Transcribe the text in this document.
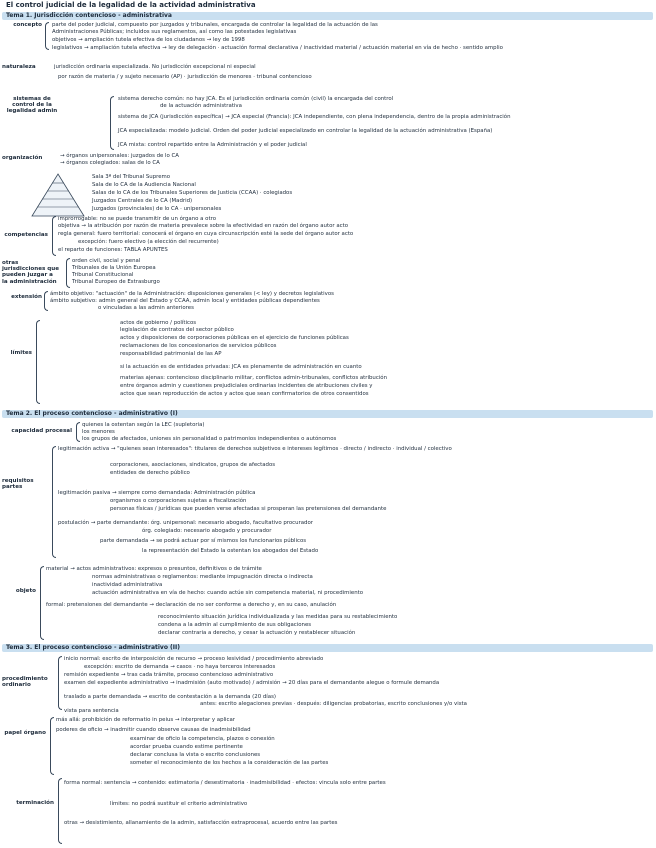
El control judicial de la legalidad de la actividad administrativa
Tema 1. Jurisdicción contencioso - administrativa
concepto parte del poder judicial, compuesto por juzgados y tribunales, encargada de controlar la legalidad de la actuación de las
Administraciones Públicas; incluidos sus reglamentos, así como las potestades legislativas
objetivos → ampliación tutela efectiva de los ciudadanos → ley de 1998
legislativos → ampliación tutela efectiva → ley de delegación · actuación formal declarativa / inactividad material / actuación material en vía de hecho · sentido amplio
naturaleza	jurisdicción ordinaria especializada. No jurisdicción excepcional ni especial
por razón de materia / y sujeto necesario (AP) · jurisdicción de menores · tribunal contencioso
sistemas de control de la legalidad admin
sistema derecho común: no hay JCA. Es el jurisdicción ordinaria común (civil) la encargada del control
de la actuación administrativa
sistema de JCA (jurisdicción específica) → JCA especial (Francia): JCA independiente, con plena independencia, dentro de la propia administración
JCA especializada: modelo judicial. Orden del poder judicial especializado en controlar la legalidad de la actuación administrativa (España)
JCA mixta: control repartido entre la Administración y el poder judicial
organización	→ órganos unipersonales: juzgados de lo CA
→ órganos colegiados: salas de lo CA
Sala 3ª del Tribunal Supremo
Sala de lo CA de la Audiencia Nacional
Salas de lo CA de los Tribunales Superiores de Justicia (CCAA) · colegiados
Juzgados Centrales de lo CA (Madrid)
Juzgados (provinciales) de lo CA · unipersonales
competencias
improrrogable: no se puede transmitir de un órgano a otro
objetiva → la atribución por razón de materia prevalece sobre la efectividad en razón del órgano autor acto
regla general: fuero territorial: conocerá el órgano en cuya circunscripción esté la sede del órgano autor acto
excepción: fuero electivo (a elección del recurrente)
el reparto de funciones: TABLA APUNTES
otras jurisdicciones que pueden juzgar a la administración
orden civil, social y penal
Tribunales de la Unión Europea
Tribunal Constitucional
Tribunal Europeo de Estrasburgo
extensión ámbito objetivo: "actuación" de la Administración: disposiciones generales (< ley) y decretos legislativos
ámbito subjetivo: admin general del Estado y CCAA, admin local y entidades públicas dependientes
o vinculadas a las admin anteriores
límites
actos de gobierno / políticos
legislación de contratos del sector público
actos y disposiciones de corporaciones públicas en el ejercicio de funciones públicas
reclamaciones de los concesionarios de servicios públicos
responsabilidad patrimonial de las AP
si la actuación es de entidades privadas: JCA es plenamente de administración en cuanto
materias ajenas: contencioso disciplinario militar, conflictos admin-tribunales, conflictos atribución
entre órganos admin y cuestiones prejudiciales ordinarias incidentes de atribuciones civiles y
actos que sean reproducción de actos y actos que sean confirmatorios de otros consentidos
Tema 2. El proceso contencioso - administrativo (I)
capacidad procesal
quienes la ostentan según la LEC (supletoria)
los menores
los grupos de afectados, uniones sin personalidad o patrimonios independientes o autónomos
requisitos partes
legitimación activa → "quienes sean interesados": titulares de derechos subjetivos e intereses legítimos · directo / indirecto · individual / colectivo
corporaciones, asociaciones, sindicatos, grupos de afectados
entidades de derecho público
legitimación pasiva → siempre como demandada: Administración pública
organismos o corporaciones sujetas a fiscalización
personas físicas / jurídicas que pueden verse afectadas si prosperan las pretensiones del demandante
postulación → parte demandante: órg. unipersonal: necesario abogado, facultativo procurador
órg. colegiado: necesario abogado y procurador
parte demandada → se podrá actuar por sí mismos los funcionarios públicos
la representación del Estado la ostentan los abogados del Estado
objeto
material → actos administrativos: expresos o presuntos, definitivos o de trámite
normas administrativas o reglamentos: mediante impugnación directa o indirecta
inactividad administrativa
actuación administrativa en vía de hecho: cuando actúe sin competencia material, ni procedimiento
formal: pretensiones del demandante → declaración de no ser conforme a derecho y, en su caso, anulación
reconocimiento situación jurídica individualizada y las medidas para su restablecimiento
condena a la admin al cumplimiento de sus obligaciones
declarar contraria a derecho, y cesar la actuación y restablecer situación
Tema 3. El proceso contencioso - administrativo (II)
procedimiento ordinario
inicio normal: escrito de interposición de recurso → proceso lesividad / procedimiento abreviado
excepción: escrito de demanda → casos · no haya terceros interesados
remisión expediente → tras cada trámite, proceso contencioso administrativo
examen del expediente administrativo → inadmisión (auto motivado) / admisión → 20 días para el demandante alegue o formule demanda
traslado a parte demandada → escrito de contestación a la demanda (20 días)
antes: escrito alegaciones previas · después: diligencias probatorias, escrito conclusiones y/o vista
vista para sentencia
papel órgano
más allá: prohibición de reformatio in peius → interpretar y aplicar
poderes de oficio → inadmitir cuando observe causas de inadmisibilidad
examinar de oficio la competencia, plazos o conexión
acordar prueba cuando estime pertinente
declarar conclusa la vista o escrito conclusiones
someter el reconocimiento de los hechos a la consideración de las partes
terminación
forma normal: sentencia → contenido: estimatoria / desestimatoria · inadmisibilidad · efectos: vincula solo entre partes
límites: no podrá sustituir el criterio administrativo
otras → desistimiento, allanamiento de la admin, satisfacción extraprocesal, acuerdo entre las partes
